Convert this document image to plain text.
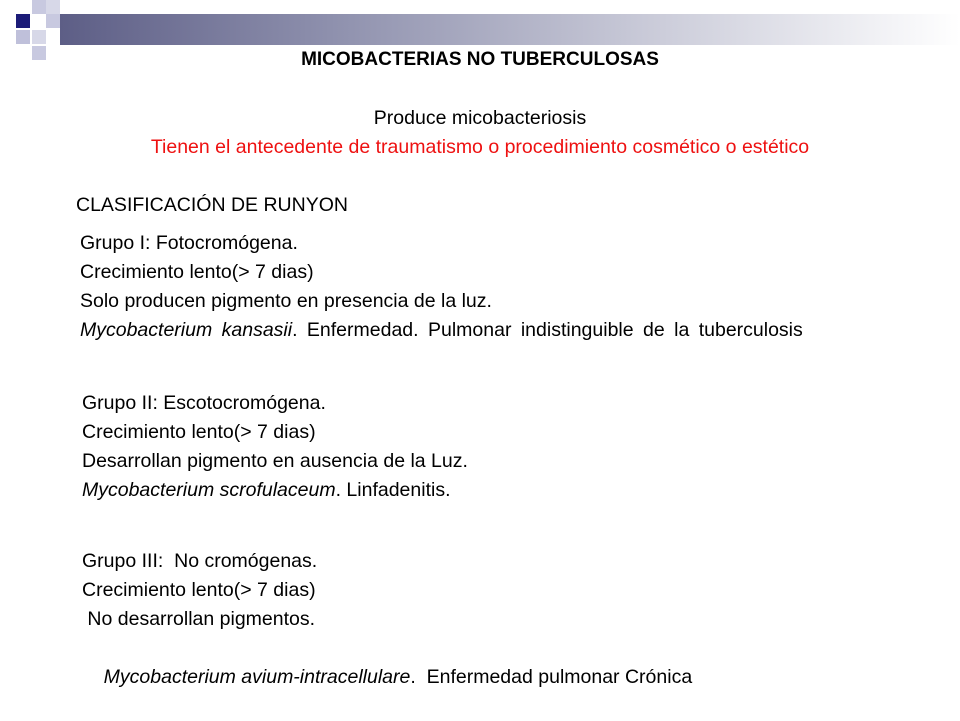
MICOBACTERIAS NO TUBERCULOSAS
Produce micobacteriosis
Tienen el antecedente de traumatismo o procedimiento cosmético o estético
CLASIFICACIÓN DE RUNYON
Grupo I: Fotocromógena.
Crecimiento lento(> 7 dias)
Solo producen pigmento en presencia de la luz.
Mycobacterium kansasii. Enfermedad. Pulmonar indistinguible de la tuberculosis
Grupo II: Escotocromógena.
Crecimiento lento(> 7 dias)
Desarrollan pigmento en ausencia de la Luz.
Mycobacterium scrofulaceum. Linfadenitis.
Grupo III:  No cromógenas.
Crecimiento lento(> 7 dias)
No desarrollan pigmentos.

Mycobacterium avium-intracellulare.  Enfermedad pulmonar Crónica
